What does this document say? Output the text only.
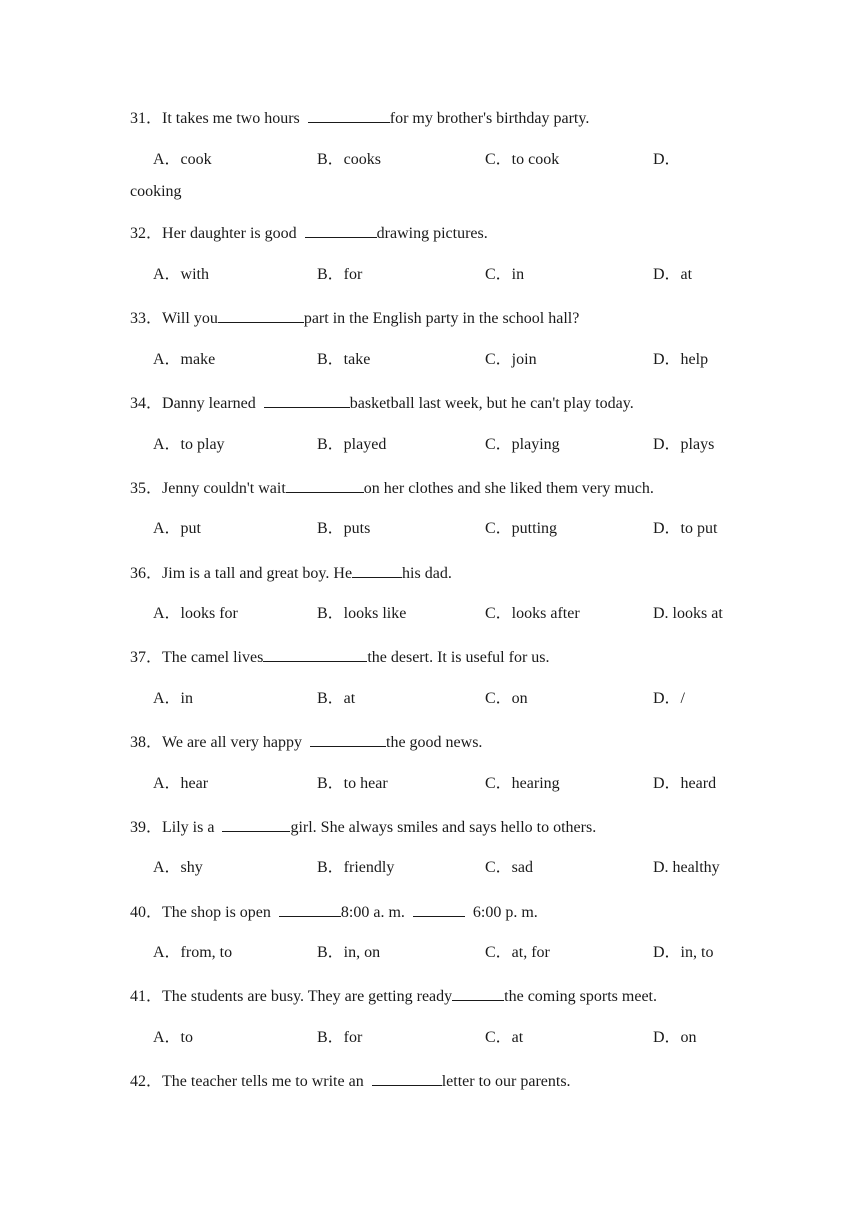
31．It takes me two hours	for my brother's birthday party.
A．cook	B．cooks	C．to cook	D．
cooking
32．Her daughter is good	drawing pictures.
A．with	B．for	C．in	D．at
33．Will you	part in the English party in the school hall?
A．make	B．take	C．join	D．help
34．Danny learned	basketball last week, but he can't play today.
A．to play	B．played	C．playing	D．plays
35．Jenny couldn't wait	on her clothes and she liked them very much.
A．put	B．puts	C．putting	D．to put
36．Jim is a tall and great boy. He	his dad.
A．looks for	B．looks like	C．looks after	D. looks at
37．The camel lives	the desert. It is useful for us.
A．in	B．at	C．on	D．/
38．We are all very happy	the good news.
A．hear	B．to hear	C．hearing	D．heard
39．Lily is a	girl. She always smiles and says hello to others.
A．shy	B．friendly	C．sad	D. healthy
40．The shop is open	8:00 a. m.	6:00 p. m.
A．from, to	B．in, on	C．at, for	D．in, to
41．The students are busy. They are getting ready	the coming sports meet.
A．to	B．for	C．at	D．on
42．The teacher tells me to write an	letter to our parents.
